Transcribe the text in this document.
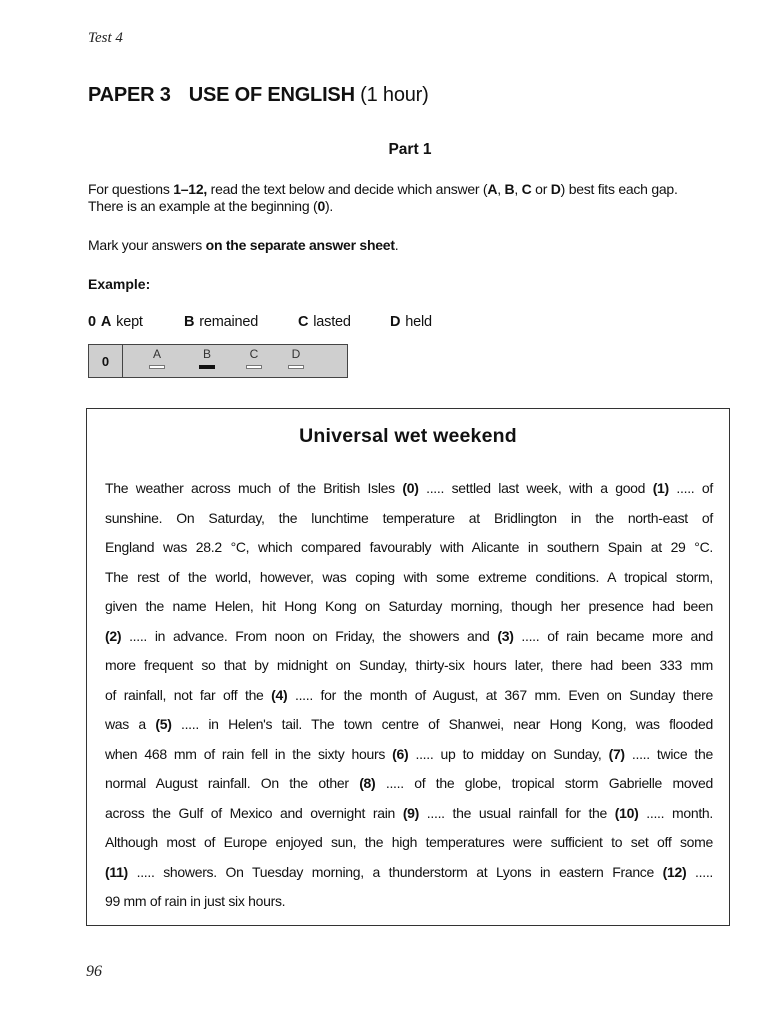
Test 4
PAPER 3 USE OF ENGLISH (1 hour)
Part 1
For questions 1–12, read the text below and decide which answer (A, B, C or D) best fits each gap.
There is an example at the beginning (0).
Mark your answers on the separate answer sheet.
Example:
0 A kept	B remained	C lasted	D held
0	A	B	C	D
Universal wet weekend
The weather across much of the British Isles (0) ..... settled last week, with a good (1) ..... of
sunshine. On Saturday, the lunchtime temperature at Bridlington in the north-east of
England was 28.2 °C, which compared favourably with Alicante in southern Spain at 29 °C.
The rest of the world, however, was coping with some extreme conditions. A tropical storm,
given the name Helen, hit Hong Kong on Saturday morning, though her presence had been
(2) ..... in advance. From noon on Friday, the showers and (3) ..... of rain became more and
more frequent so that by midnight on Sunday, thirty-six hours later, there had been 333 mm
of rainfall, not far off the (4) ..... for the month of August, at 367 mm. Even on Sunday there
was a (5) ..... in Helen's tail. The town centre of Shanwei, near Hong Kong, was flooded
when 468 mm of rain fell in the sixty hours (6) ..... up to midday on Sunday, (7) ..... twice the
normal August rainfall. On the other (8) ..... of the globe, tropical storm Gabrielle moved
across the Gulf of Mexico and overnight rain (9) ..... the usual rainfall for the (10) ..... month.
Although most of Europe enjoyed sun, the high temperatures were sufficient to set off some
(11) ..... showers. On Tuesday morning, a thunderstorm at Lyons in eastern France (12) .....
99 mm of rain in just six hours.
96
